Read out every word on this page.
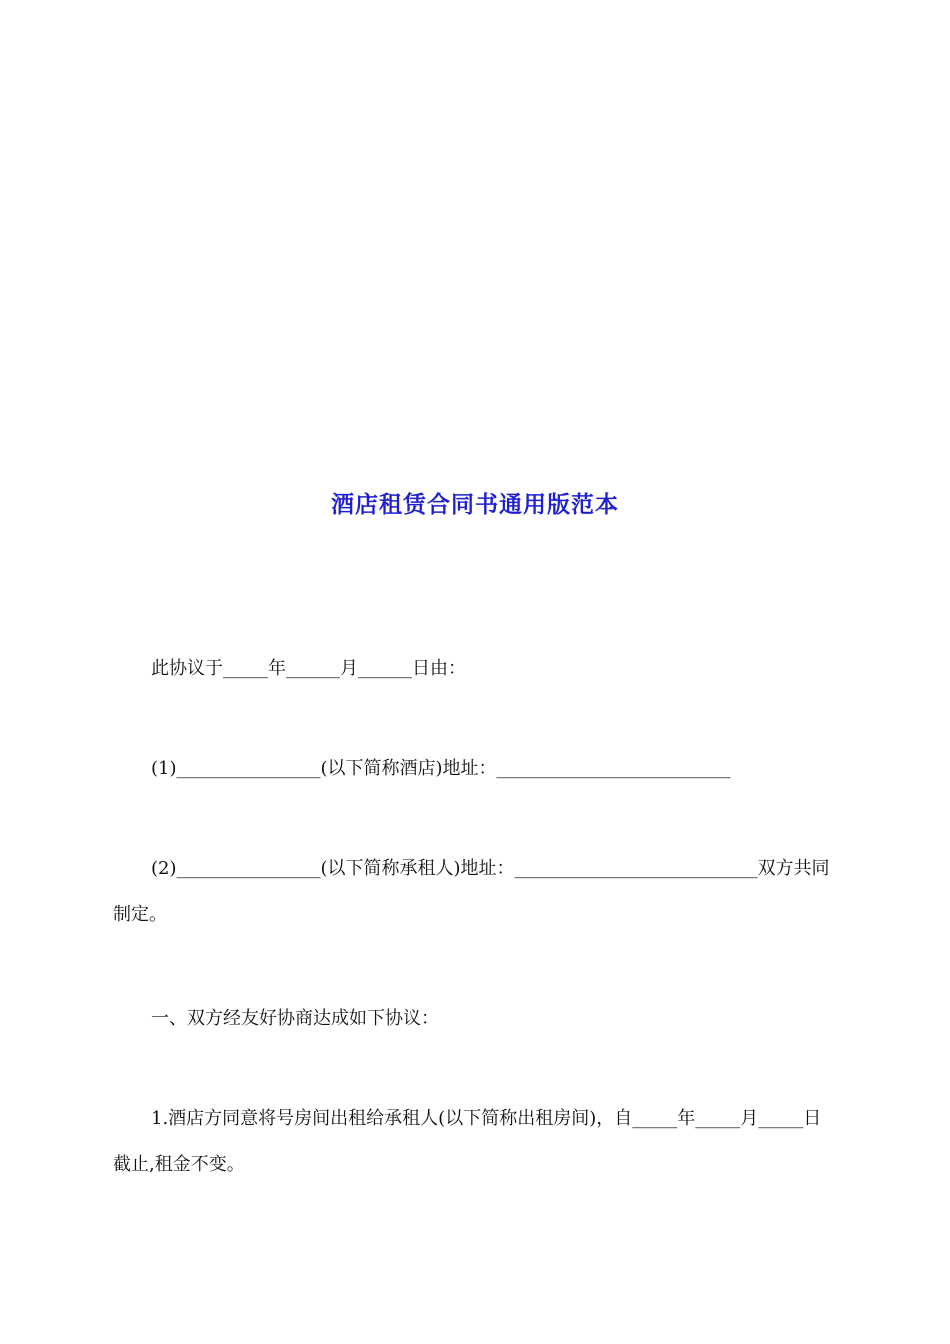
酒店租赁合同书通用版范本
此协议于_____年______月______日由：
(1)________________(以下简称酒店)地址：__________________________
(2)________________(以下简称承租人)地址：___________________________双方共同制定。
一、双方经友好协商达成如下协议：
1.酒店方同意将号房间出租给承租人(以下简称出租房间)，自_____年_____月_____日截止,租金不变。
